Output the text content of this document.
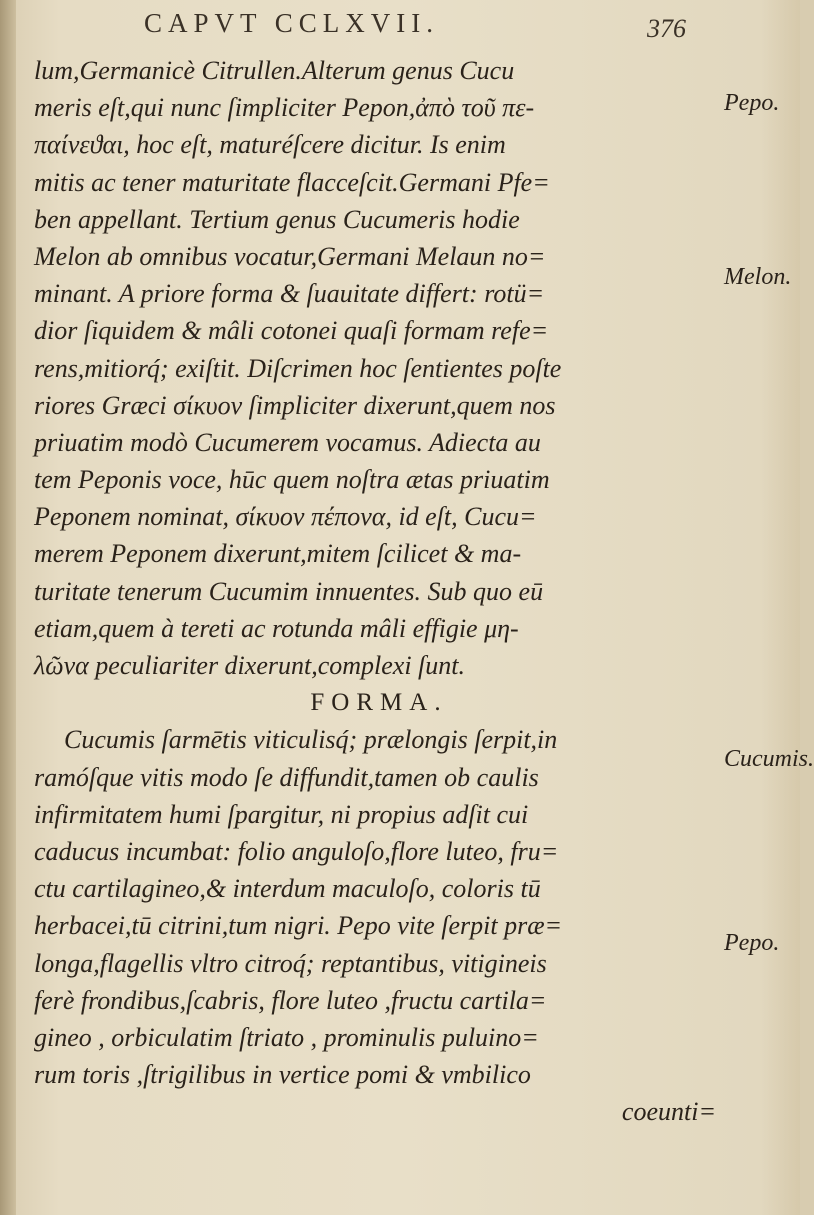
CAPVT CCLXVII.	376
lum,Germanicè Citrullen.Alterum genus Cucu
meris eſt,qui nunc ſimpliciter Pepon,ἀπὸ τοῦ πε-
παίνεϑαι, hoc eſt, maturéſcere dicitur. Is enim
mitis ac tener maturitate flacceſcit.Germani Pfe=
ben appellant. Tertium genus Cucumeris hodie
Melon ab omnibus vocatur,Germani Melaun no=
minant. A priore forma & ſuauitate differt: rotü=
dior ſiquidem & mâli cotonei quaſi formam refe=
rens,mitiorq́; exiſtit. Diſcrimen hoc ſentientes poſte
riores Græci σίκυον ſimpliciter dixerunt,quem nos
priuatim modò Cucumerem vocamus. Adiecta au
tem Peponis voce, hūc quem noſtra ætas priuatim
Peponem nominat, σίκυον πέπονα, id eſt, Cucu=
merem Peponem dixerunt,mitem ſcilicet & ma-
turitate tenerum Cucumim innuentes. Sub quo eū
etiam,quem à tereti ac rotunda mâli effigie μη-
λῶνα peculiariter dixerunt,complexi ſunt.
FORMA.
Cucumis ſarmētis viticulisq́; prælongis ſerpit,in
ramóſque vitis modo ſe diffundit,tamen ob caulis
infirmitatem humi ſpargitur, ni propius adſit cui
caducus incumbat: folio anguloſo,flore luteo, fru=
ctu cartilagineo,& interdum maculoſo, coloris tū
herbacei,tū citrini,tum nigri. Pepo vite ſerpit præ=
longa,flagellis vltro citroq́; reptantibus, vitigineis
ferè frondibus,ſcabris, flore luteo ,fructu cartila=
gineo , orbiculatim ſtriato , prominulis puluino=
rum toris ,ſtrigilibus in vertice pomi & vmbilico
coeunti=
Pepo.
Melon.
Cucumis.
Pepo.
